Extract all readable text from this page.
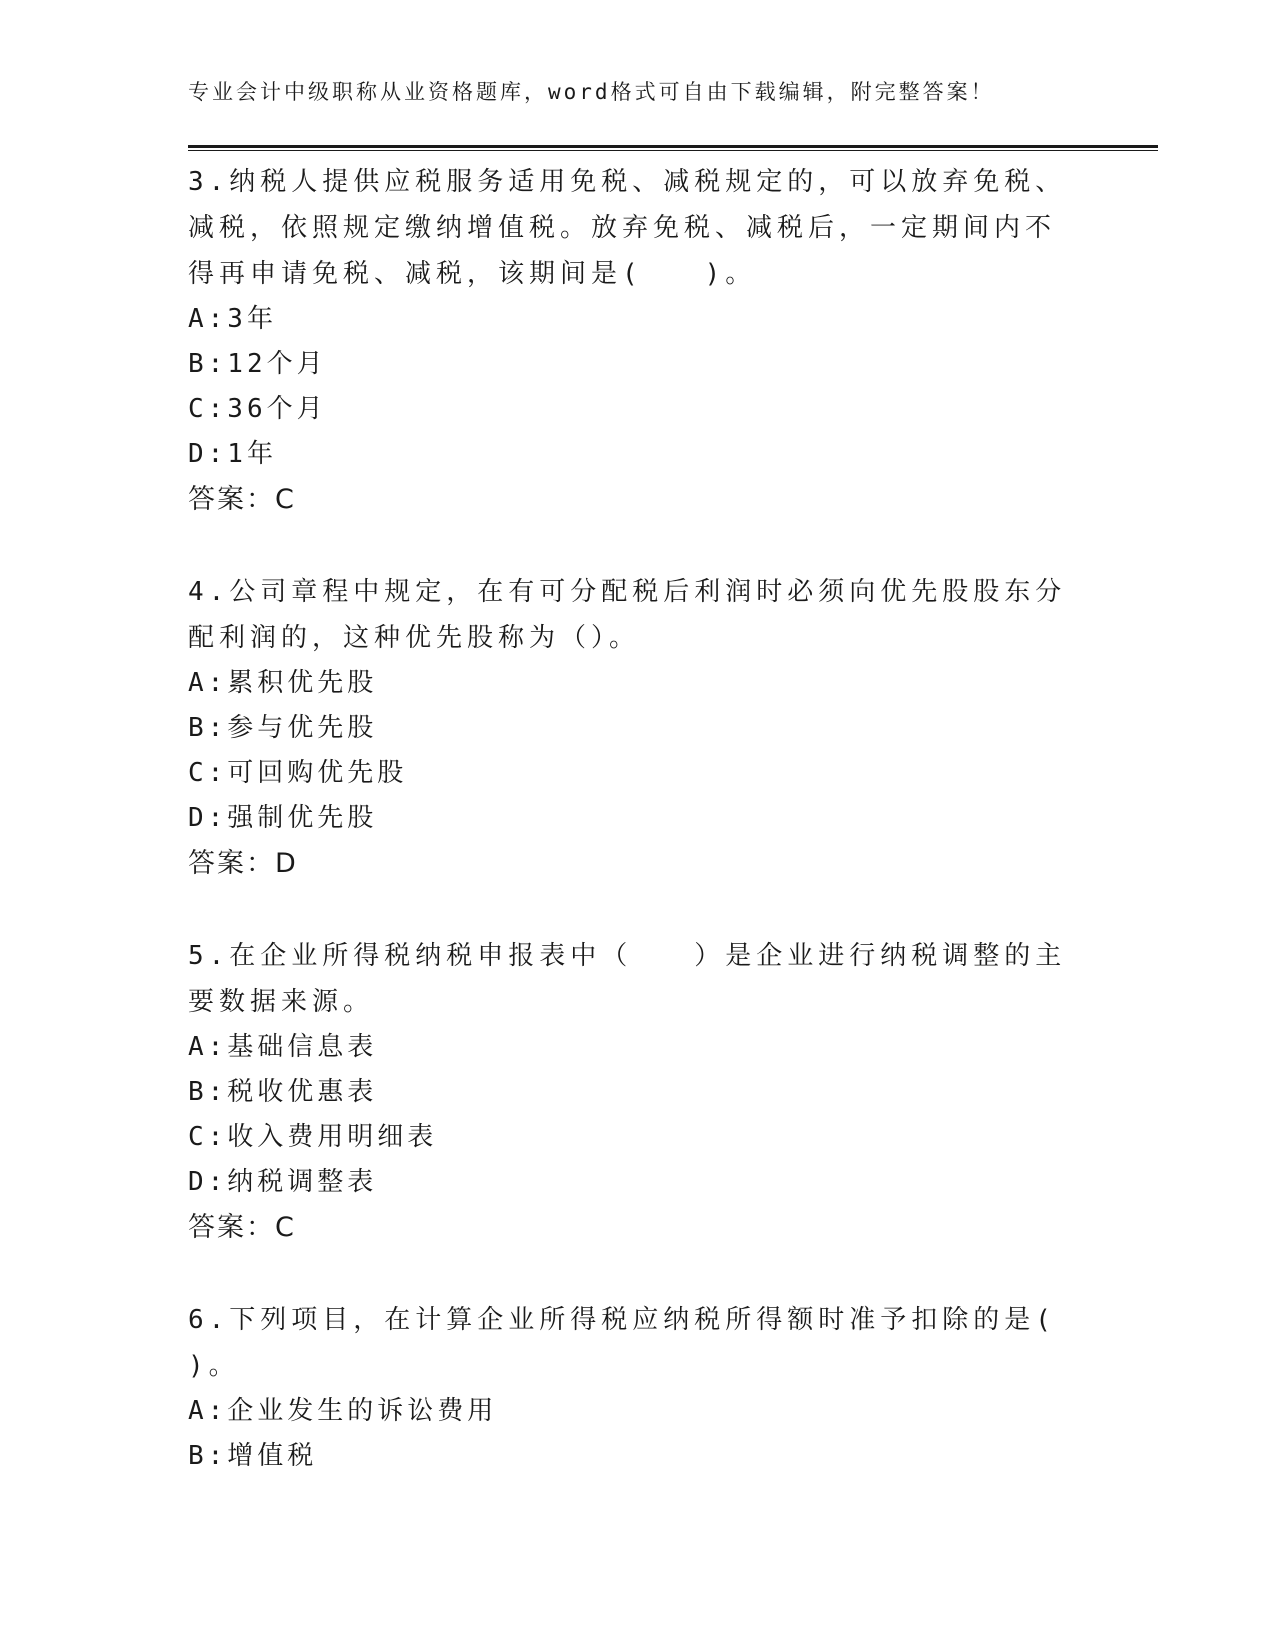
专业会计中级职称从业资格题库，word格式可自由下载编辑，附完整答案！

3.纳税人提供应税服务适用免税、减税规定的，可以放弃免税、减税，依照规定缴纳增值税。放弃免税、减税后，一定期间内不得再申请免税、减税，该期间是(　　)。

A:3年

B:12个月

C:36个月

D:1年

答案：C

4.公司章程中规定，在有可分配税后利润时必须向优先股股东分配利润的，这种优先股称为（）。

A:累积优先股

B:参与优先股

C:可回购优先股

D:强制优先股

答案：D

5.在企业所得税纳税申报表中（　　）是企业进行纳税调整的主要数据来源。

A:基础信息表

B:税收优惠表

C:收入费用明细表

D:纳税调整表

答案：C

6.下列项目，在计算企业所得税应纳税所得额时准予扣除的是(　　)。

A:企业发生的诉讼费用

B:增值税
